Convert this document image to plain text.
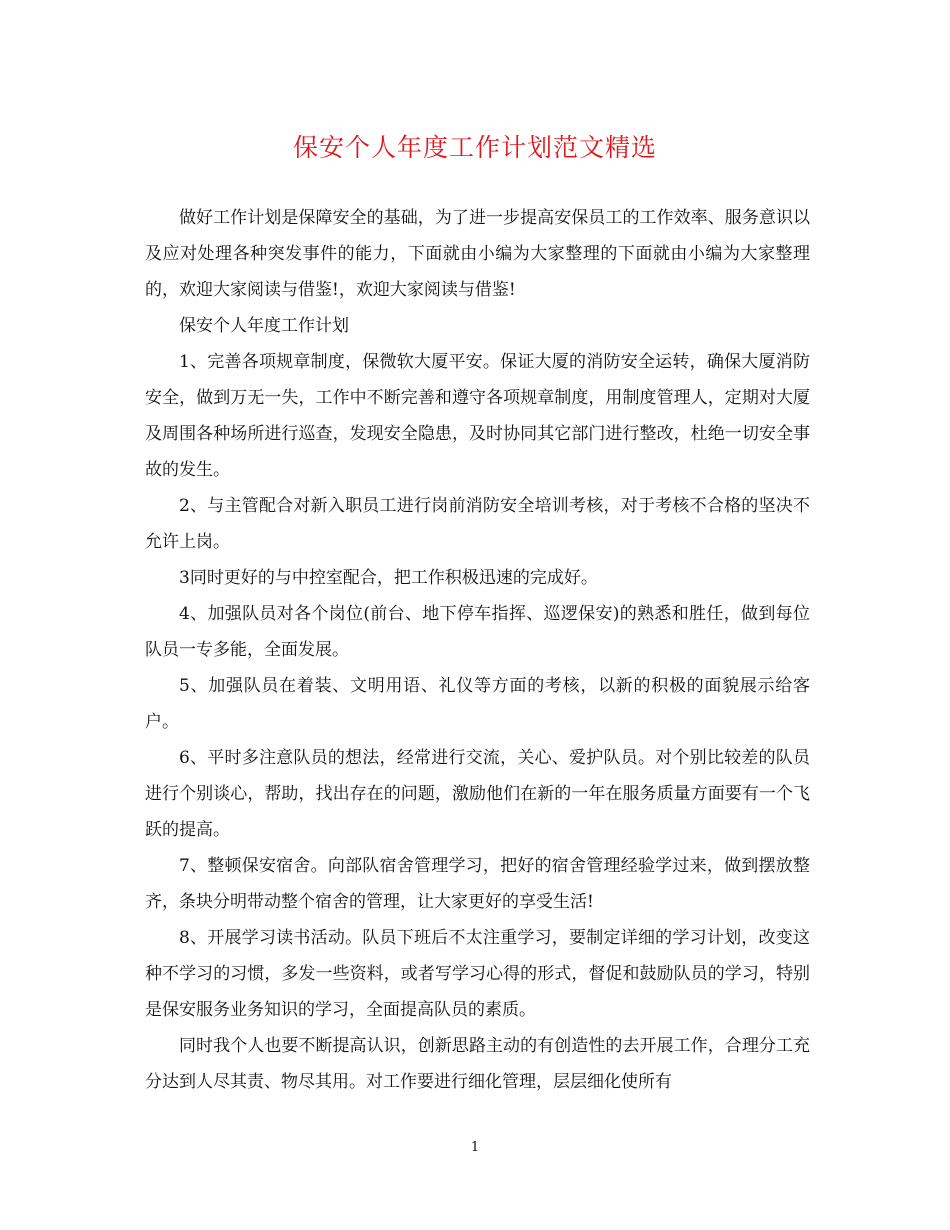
保安个人年度工作计划范文精选

做好工作计划是保障安全的基础，为了进一步提高安保员工的工作效率、服务意识以及应对处理各种突发事件的能力，下面就由小编为大家整理的下面就由小编为大家整理的，欢迎大家阅读与借鉴!，欢迎大家阅读与借鉴!

保安个人年度工作计划

1、完善各项规章制度，保微软大厦平安。保证大厦的消防安全运转，确保大厦消防安全，做到万无一失，工作中不断完善和遵守各项规章制度，用制度管理人，定期对大厦及周围各种场所进行巡查，发现安全隐患，及时协同其它部门进行整改，杜绝一切安全事故的发生。

2、与主管配合对新入职员工进行岗前消防安全培训考核，对于考核不合格的坚决不允许上岗。

3同时更好的与中控室配合，把工作积极迅速的完成好。

4、加强队员对各个岗位(前台、地下停车指挥、巡逻保安)的熟悉和胜任，做到每位队员一专多能，全面发展。

5、加强队员在着装、文明用语、礼仪等方面的考核，以新的积极的面貌展示给客户。

6、平时多注意队员的想法，经常进行交流，关心、爱护队员。对个别比较差的队员进行个别谈心，帮助，找出存在的问题，激励他们在新的一年在服务质量方面要有一个飞跃的提高。

7、整顿保安宿舍。向部队宿舍管理学习，把好的宿舍管理经验学过来，做到摆放整齐，条块分明带动整个宿舍的管理，让大家更好的享受生活!

8、开展学习读书活动。队员下班后不太注重学习，要制定详细的学习计划，改变这种不学习的习惯，多发一些资料，或者写学习心得的形式，督促和鼓励队员的学习，特别是保安服务业务知识的学习，全面提高队员的素质。

同时我个人也要不断提高认识，创新思路主动的有创造性的去开展工作，合理分工充分达到人尽其责、物尽其用。对工作要进行细化管理，层层细化使所有

1
